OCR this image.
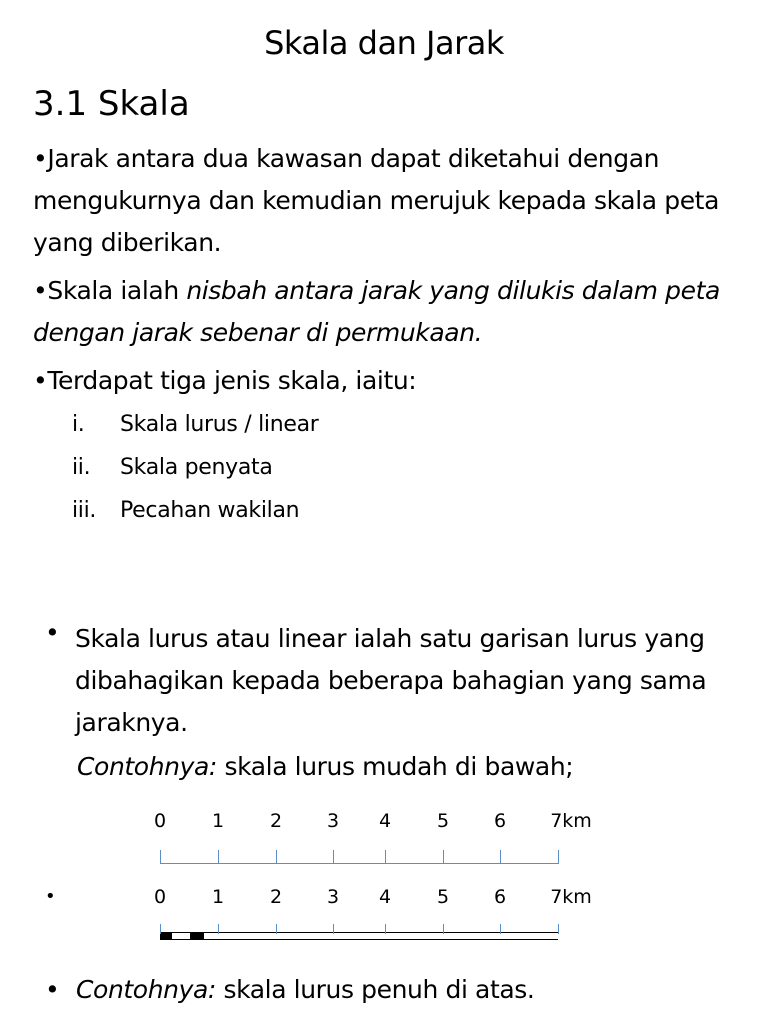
Skala dan Jarak
3.1 Skala
•Jarak antara dua kawasan dapat diketahui dengan mengukurnya dan kemudian merujuk kepada skala peta yang diberikan.
•Skala ialah nisbah antara jarak yang dilukis dalam peta dengan jarak sebenar di permukaan.
•Terdapat tiga jenis skala, iaitu:
i. Skala lurus / linear
ii. Skala penyata
iii. Pecahan wakilan
• Skala lurus atau linear ialah satu garisan lurus yang dibahagikan kepada beberapa bahagian yang sama jaraknya.
Contohnya: skala lurus mudah di bawah;
0 1 2 3 4 5 6 7km
•	0 1 2 3 4 5 6 7km
• Contohnya: skala lurus penuh di atas.
